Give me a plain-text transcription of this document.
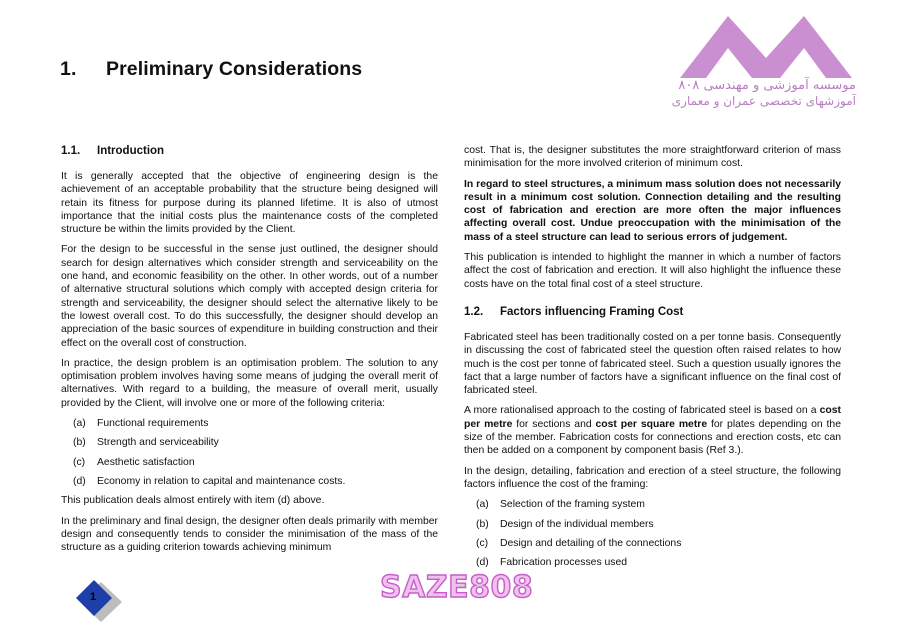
1. Preliminary Considerations
موسسه آموزشی و مهندسی ۸۰۸
آموزشهای تخصصی عمران و معماری
1.1. Introduction

It is generally accepted that the objective of engineering design is the achievement of an acceptable probability that the structure being designed will retain its fitness for purpose during its planned lifetime. It is also of utmost importance that the initial costs plus the maintenance costs of the completed structure be within the limits provided by the Client.

For the design to be successful in the sense just outlined, the designer should search for design alternatives which consider strength and serviceability on the one hand, and economic feasibility on the other. In other words, out of a number of alternative structural solutions which comply with accepted design criteria for strength and serviceability, the designer should select the alternative likely to be the lowest overall cost. To do this successfully, the designer should develop an appreciation of the basic sources of expenditure in building construction and their effect on the overall cost of construction.

In practice, the design problem is an optimisation problem. The solution to any optimisation problem involves having some means of judging the overall merit of alternatives. With regard to a building, the measure of overall merit, usually provided by the Client, will involve one or more of the following criteria:

(a)	Functional requirements
(b)	Strength and serviceability
(c)	Aesthetic satisfaction
(d)	Economy in relation to capital and maintenance costs.

This publication deals almost entirely with item (d) above.

In the preliminary and final design, the designer often deals primarily with member design and consequently tends to consider the minimisation of the mass of the structure as a guiding criterion towards achieving minimum

cost. That is, the designer substitutes the more straightforward criterion of mass minimisation for the more involved criterion of minimum cost.

In regard to steel structures, a minimum mass solution does not necessarily result in a minimum cost solution. Connection detailing and the resulting cost of fabrication and erection are more often the major influences affecting overall cost. Undue preoccupation with the minimisation of the mass of a steel structure can lead to serious errors of judgement.

This publication is intended to highlight the manner in which a number of factors affect the cost of fabrication and erection. It will also highlight the influence these costs have on the total final cost of a steel structure.

1.2. Factors influencing Framing Cost

Fabricated steel has been traditionally costed on a per tonne basis. Consequently in discussing the cost of fabricated steel the question often raised relates to how much is the cost per tonne of fabricated steel. Such a question usually ignores the fact that a large number of factors have a significant influence on the final cost of fabricated steel.

A more rationalised approach to the costing of fabricated steel is based on a cost per metre for sections and cost per square metre for plates depending on the size of the member. Fabrication costs for connections and erection costs, etc can then be added on a component by component basis (Ref 3.).

In the design, detailing, fabrication and erection of a steel structure, the following factors influence the cost of the framing:

(a)	Selection of the framing system
(b)	Design of the individual members
(c)	Design and detailing of the connections
(d)	Fabrication processes used
1	SAZE808
